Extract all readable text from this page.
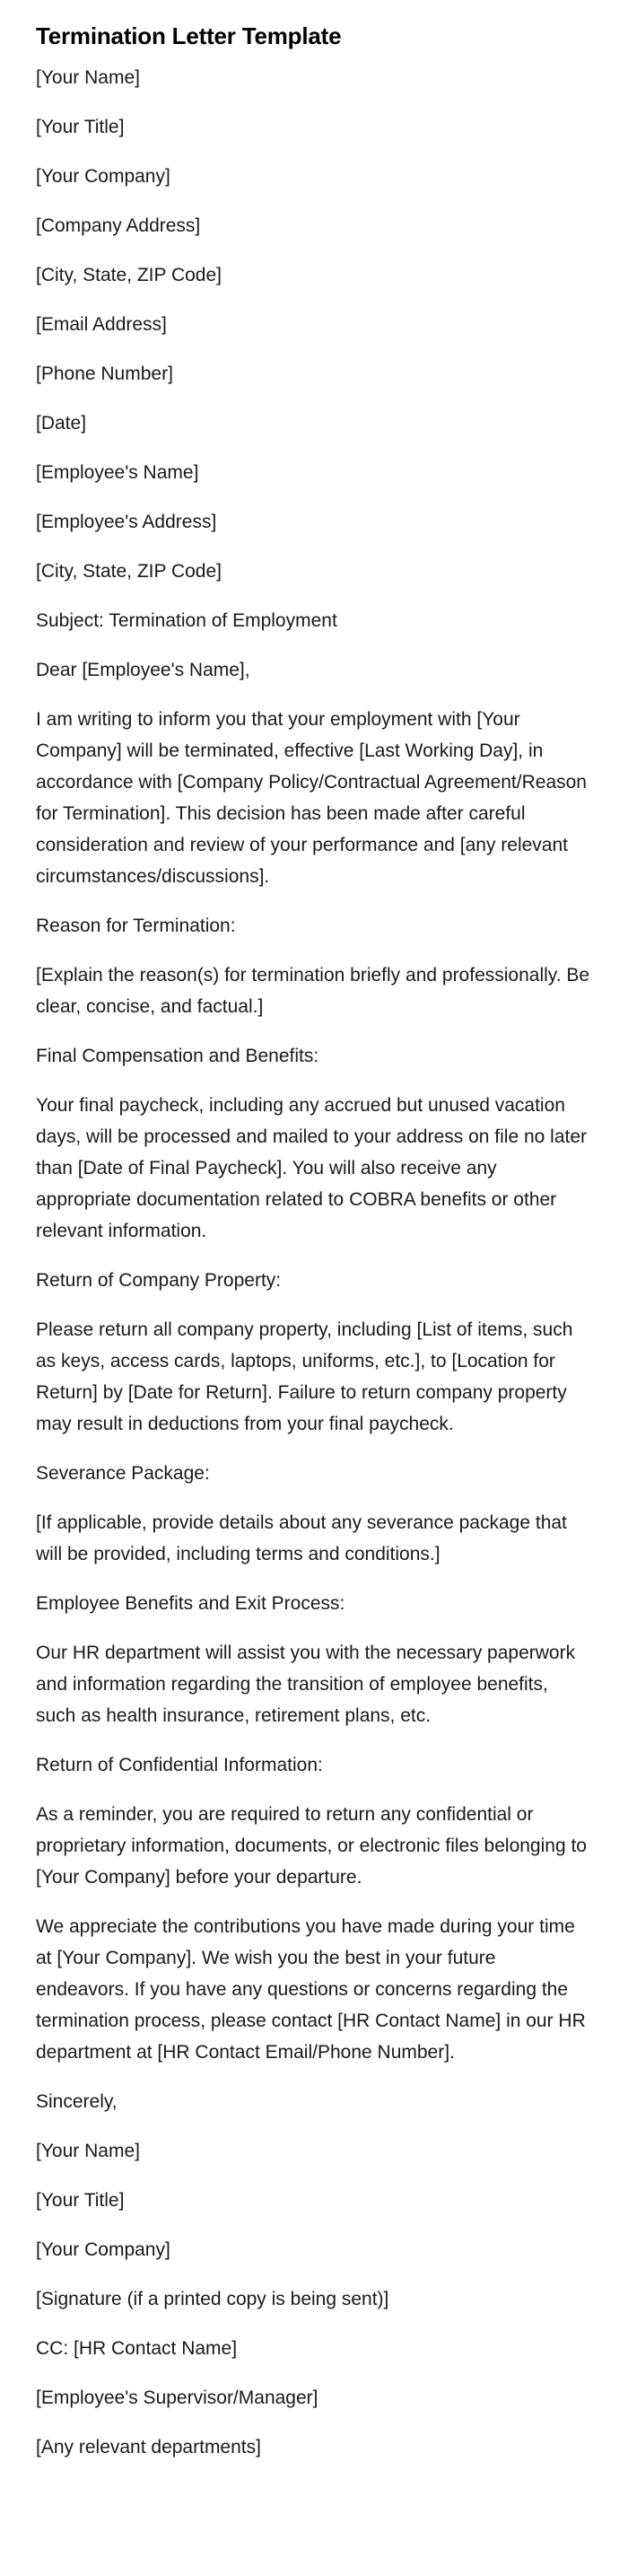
Termination Letter Template

[Your Name]

[Your Title]

[Your Company]

[Company Address]

[City, State, ZIP Code]

[Email Address]

[Phone Number]

[Date]

[Employee's Name]

[Employee's Address]

[City, State, ZIP Code]

Subject: Termination of Employment

Dear [Employee's Name],

I am writing to inform you that your employment with [Your Company] will be terminated, effective [Last Working Day], in accordance with [Company Policy/Contractual Agreement/Reason for Termination]. This decision has been made after careful consideration and review of your performance and [any relevant circumstances/discussions].

Reason for Termination:

[Explain the reason(s) for termination briefly and professionally. Be clear, concise, and factual.]

Final Compensation and Benefits:

Your final paycheck, including any accrued but unused vacation days, will be processed and mailed to your address on file no later than [Date of Final Paycheck]. You will also receive any appropriate documentation related to COBRA benefits or other relevant information.

Return of Company Property:

Please return all company property, including [List of items, such as keys, access cards, laptops, uniforms, etc.], to [Location for Return] by [Date for Return]. Failure to return company property may result in deductions from your final paycheck.

Severance Package:

[If applicable, provide details about any severance package that will be provided, including terms and conditions.]

Employee Benefits and Exit Process:

Our HR department will assist you with the necessary paperwork and information regarding the transition of employee benefits, such as health insurance, retirement plans, etc.

Return of Confidential Information:

As a reminder, you are required to return any confidential or proprietary information, documents, or electronic files belonging to [Your Company] before your departure.

We appreciate the contributions you have made during your time at [Your Company]. We wish you the best in your future endeavors. If you have any questions or concerns regarding the termination process, please contact [HR Contact Name] in our HR department at [HR Contact Email/Phone Number].

Sincerely,

[Your Name]

[Your Title]

[Your Company]

[Signature (if a printed copy is being sent)]

CC: [HR Contact Name]

[Employee's Supervisor/Manager]

[Any relevant departments]
